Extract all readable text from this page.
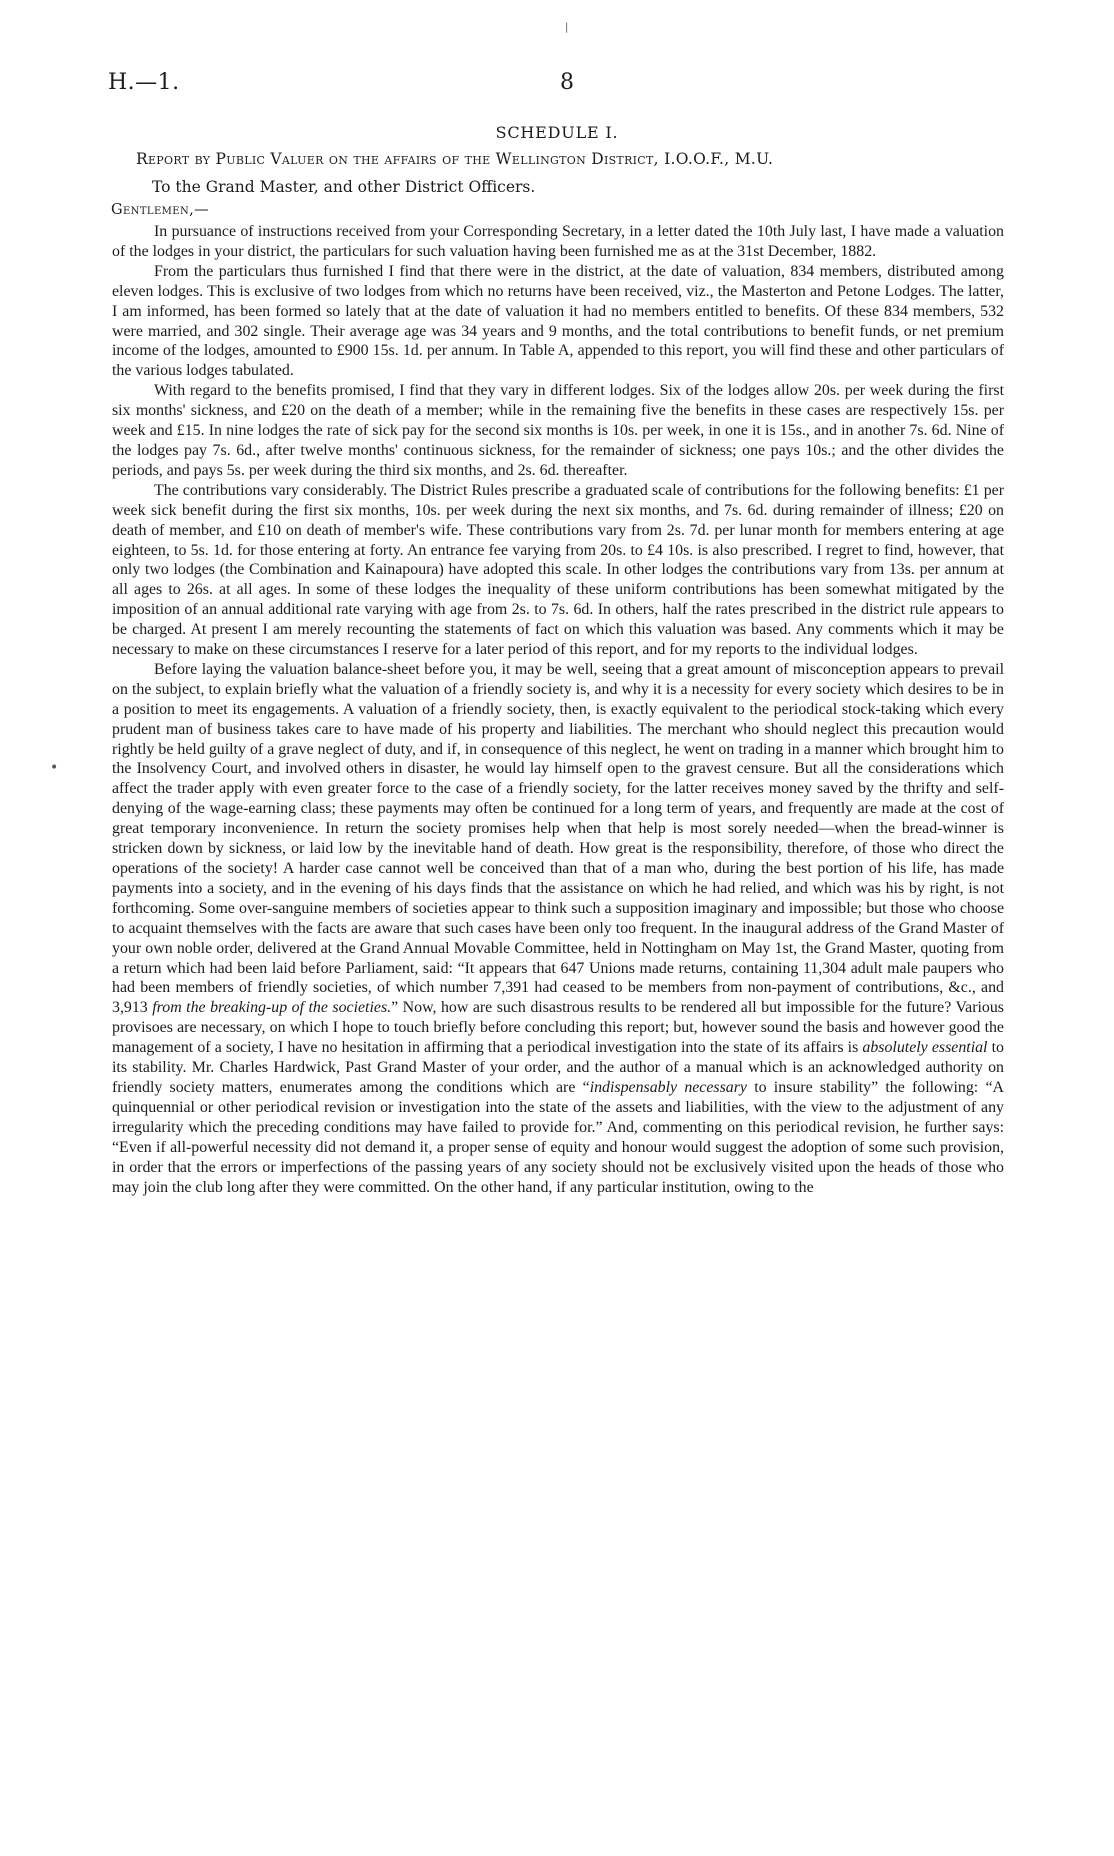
H.—1.	8
SCHEDULE I.
Report by Public Valuer on the affairs of the Wellington District, I.O.O.F., M.U.
To the Grand Master, and other District Officers.
Gentlemen,—

In pursuance of instructions received from your Corresponding Secretary, in a letter dated the 10th July last, I have made a valuation of the lodges in your district, the particulars for such valuation having been furnished me as at the 31st December, 1882.

From the particulars thus furnished I find that there were in the district, at the date of valuation, 834 members, distributed among eleven lodges. This is exclusive of two lodges from which no returns have been received, viz., the Masterton and Petone Lodges. The latter, I am informed, has been formed so lately that at the date of valuation it had no members entitled to benefits. Of these 834 members, 532 were married, and 302 single. Their average age was 34 years and 9 months, and the total contributions to benefit funds, or net premium income of the lodges, amounted to £900 15s. 1d. per annum. In Table A, appended to this report, you will find these and other particulars of the various lodges tabulated.

With regard to the benefits promised, I find that they vary in different lodges. Six of the lodges allow 20s. per week during the first six months' sickness, and £20 on the death of a member; while in the remaining five the benefits in these cases are respectively 15s. per week and £15. In nine lodges the rate of sick pay for the second six months is 10s. per week, in one it is 15s., and in another 7s. 6d. Nine of the lodges pay 7s. 6d., after twelve months' continuous sickness, for the remainder of sickness; one pays 10s.; and the other divides the periods, and pays 5s. per week during the third six months, and 2s. 6d. thereafter.

The contributions vary considerably. The District Rules prescribe a graduated scale of contributions for the following benefits: £1 per week sick benefit during the first six months, 10s. per week during the next six months, and 7s. 6d. during remainder of illness; £20 on death of member, and £10 on death of member's wife. These contributions vary from 2s. 7d. per lunar month for members entering at age eighteen, to 5s. 1d. for those entering at forty. An entrance fee varying from 20s. to £4 10s. is also prescribed. I regret to find, however, that only two lodges (the Combination and Kainapoura) have adopted this scale. In other lodges the contributions vary from 13s. per annum at all ages to 26s. at all ages. In some of these lodges the inequality of these uniform contributions has been somewhat mitigated by the imposition of an annual additional rate varying with age from 2s. to 7s. 6d. In others, half the rates prescribed in the district rule appears to be charged. At present I am merely recounting the statements of fact on which this valuation was based. Any comments which it may be necessary to make on these circumstances I reserve for a later period of this report, and for my reports to the individual lodges.

Before laying the valuation balance-sheet before you, it may be well, seeing that a great amount of misconception appears to prevail on the subject, to explain briefly what the valuation of a friendly society is, and why it is a necessity for every society which desires to be in a position to meet its engagements. A valuation of a friendly society, then, is exactly equivalent to the periodical stock-taking which every prudent man of business takes care to have made of his property and liabilities. The merchant who should neglect this precaution would rightly be held guilty of a grave neglect of duty, and if, in consequence of this neglect, he went on trading in a manner which brought him to the Insolvency Court, and involved others in disaster, he would lay himself open to the gravest censure. But all the considerations which affect the trader apply with even greater force to the case of a friendly society, for the latter receives money saved by the thrifty and self-denying of the wage-earning class; these payments may often be continued for a long term of years, and frequently are made at the cost of great temporary inconvenience. In return the society promises help when that help is most sorely needed—when the bread-winner is stricken down by sickness, or laid low by the inevitable hand of death. How great is the responsibility, therefore, of those who direct the operations of the society! A harder case cannot well be conceived than that of a man who, during the best portion of his life, has made payments into a society, and in the evening of his days finds that the assistance on which he had relied, and which was his by right, is not forthcoming. Some over-sanguine members of societies appear to think such a supposition imaginary and impossible; but those who choose to acquaint themselves with the facts are aware that such cases have been only too frequent. In the inaugural address of the Grand Master of your own noble order, delivered at the Grand Annual Movable Committee, held in Nottingham on May 1st, the Grand Master, quoting from a return which had been laid before Parliament, said: “It appears that 647 Unions made returns, containing 11,304 adult male paupers who had been members of friendly societies, of which number 7,391 had ceased to be members from non-payment of contributions, &c., and 3,913 from the breaking-up of the societies.” Now, how are such disastrous results to be rendered all but impossible for the future? Various provisoes are necessary, on which I hope to touch briefly before concluding this report; but, however sound the basis and however good the management of a society, I have no hesitation in affirming that a periodical investigation into the state of its affairs is absolutely essential to its stability. Mr. Charles Hardwick, Past Grand Master of your order, and the author of a manual which is an acknowledged authority on friendly society matters, enumerates among the conditions which are “indispensably necessary to insure stability” the following: “A quinquennial or other periodical revision or investigation into the state of the assets and liabilities, with the view to the adjustment of any irregularity which the preceding conditions may have failed to provide for.” And, commenting on this periodical revision, he further says: “Even if all-powerful necessity did not demand it, a proper sense of equity and honour would suggest the adoption of some such provision, in order that the errors or imperfections of the passing years of any society should not be exclusively visited upon the heads of those who may join the club long after they were committed. On the other hand, if any particular institution, owing to the

•
|
